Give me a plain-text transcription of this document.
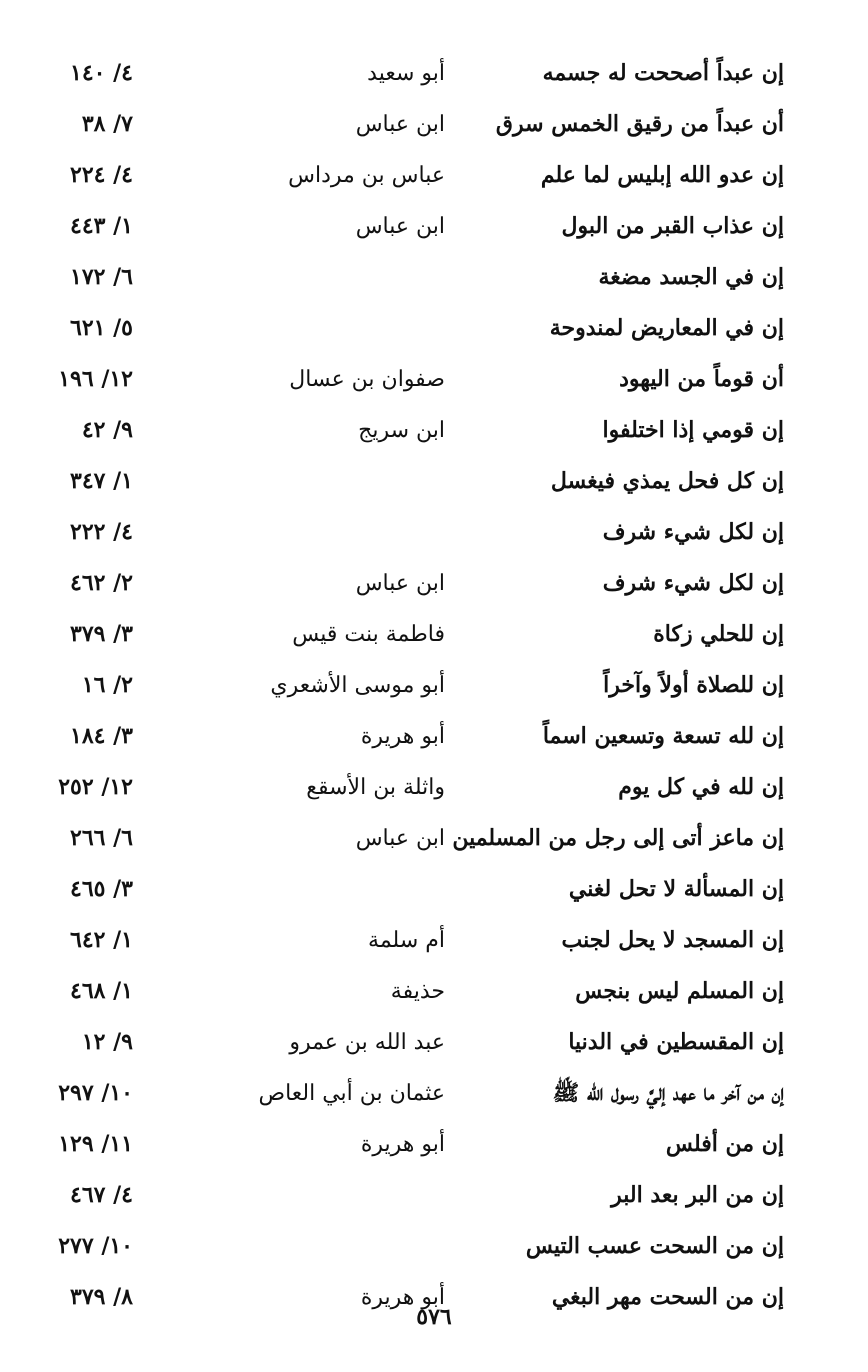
إن عبداً أصححت له جسمه
أبو سعيد
٤/ ١٤٠
أن عبداً من رقيق الخمس سرق
ابن عباس
٧/ ٣٨
إن عدو الله إبليس لما علم
عباس بن مرداس
٤/ ٢٢٤
إن عذاب القبر من البول
ابن عباس
١/ ٤٤٣
إن في الجسد مضغة
٦/ ١٧٢
إن في المعاريض لمندوحة
٥/ ٦٢١
أن قوماً من اليهود
صفوان بن عسال
١٢/ ١٩٦
إن قومي إذا اختلفوا
ابن سريج
٩/ ٤٢
إن كل فحل يمذي فيغسل
١/ ٣٤٧
إن لكل شيء شرف
٤/ ٢٢٢
إن لكل شيء شرف
ابن عباس
٢/ ٤٦٢
إن للحلي زكاة
فاطمة بنت قيس
٣/ ٣٧٩
إن للصلاة أولاً وآخراً
أبو موسى الأشعري
٢/ ١٦
إن لله تسعة وتسعين اسماً
أبو هريرة
٣/ ١٨٤
إن لله في كل يوم
واثلة بن الأسقع
١٢/ ٢٥٢
إن ماعز أتى إلى رجل من المسلمين
ابن عباس
٦/ ٢٦٦
إن المسألة لا تحل لغني
٣/ ٤٦٥
إن المسجد لا يحل لجنب
أم سلمة
١/ ٦٤٢
إن المسلم ليس بنجس
حذيفة
١/ ٤٦٨
إن المقسطين في الدنيا
عبد الله بن عمرو
٩/ ١٢
إن من آخر ما عهد إليَّ رسول الله ﷺ
عثمان بن أبي العاص
١٠/ ٢٩٧
إن من أفلس
أبو هريرة
١١/ ١٢٩
إن من البر بعد البر
٤/ ٤٦٧
إن من السحت عسب التيس
١٠/ ٢٧٧
إن من السحت مهر البغي
أبو هريرة
٨/ ٣٧٩
٥٧٦
